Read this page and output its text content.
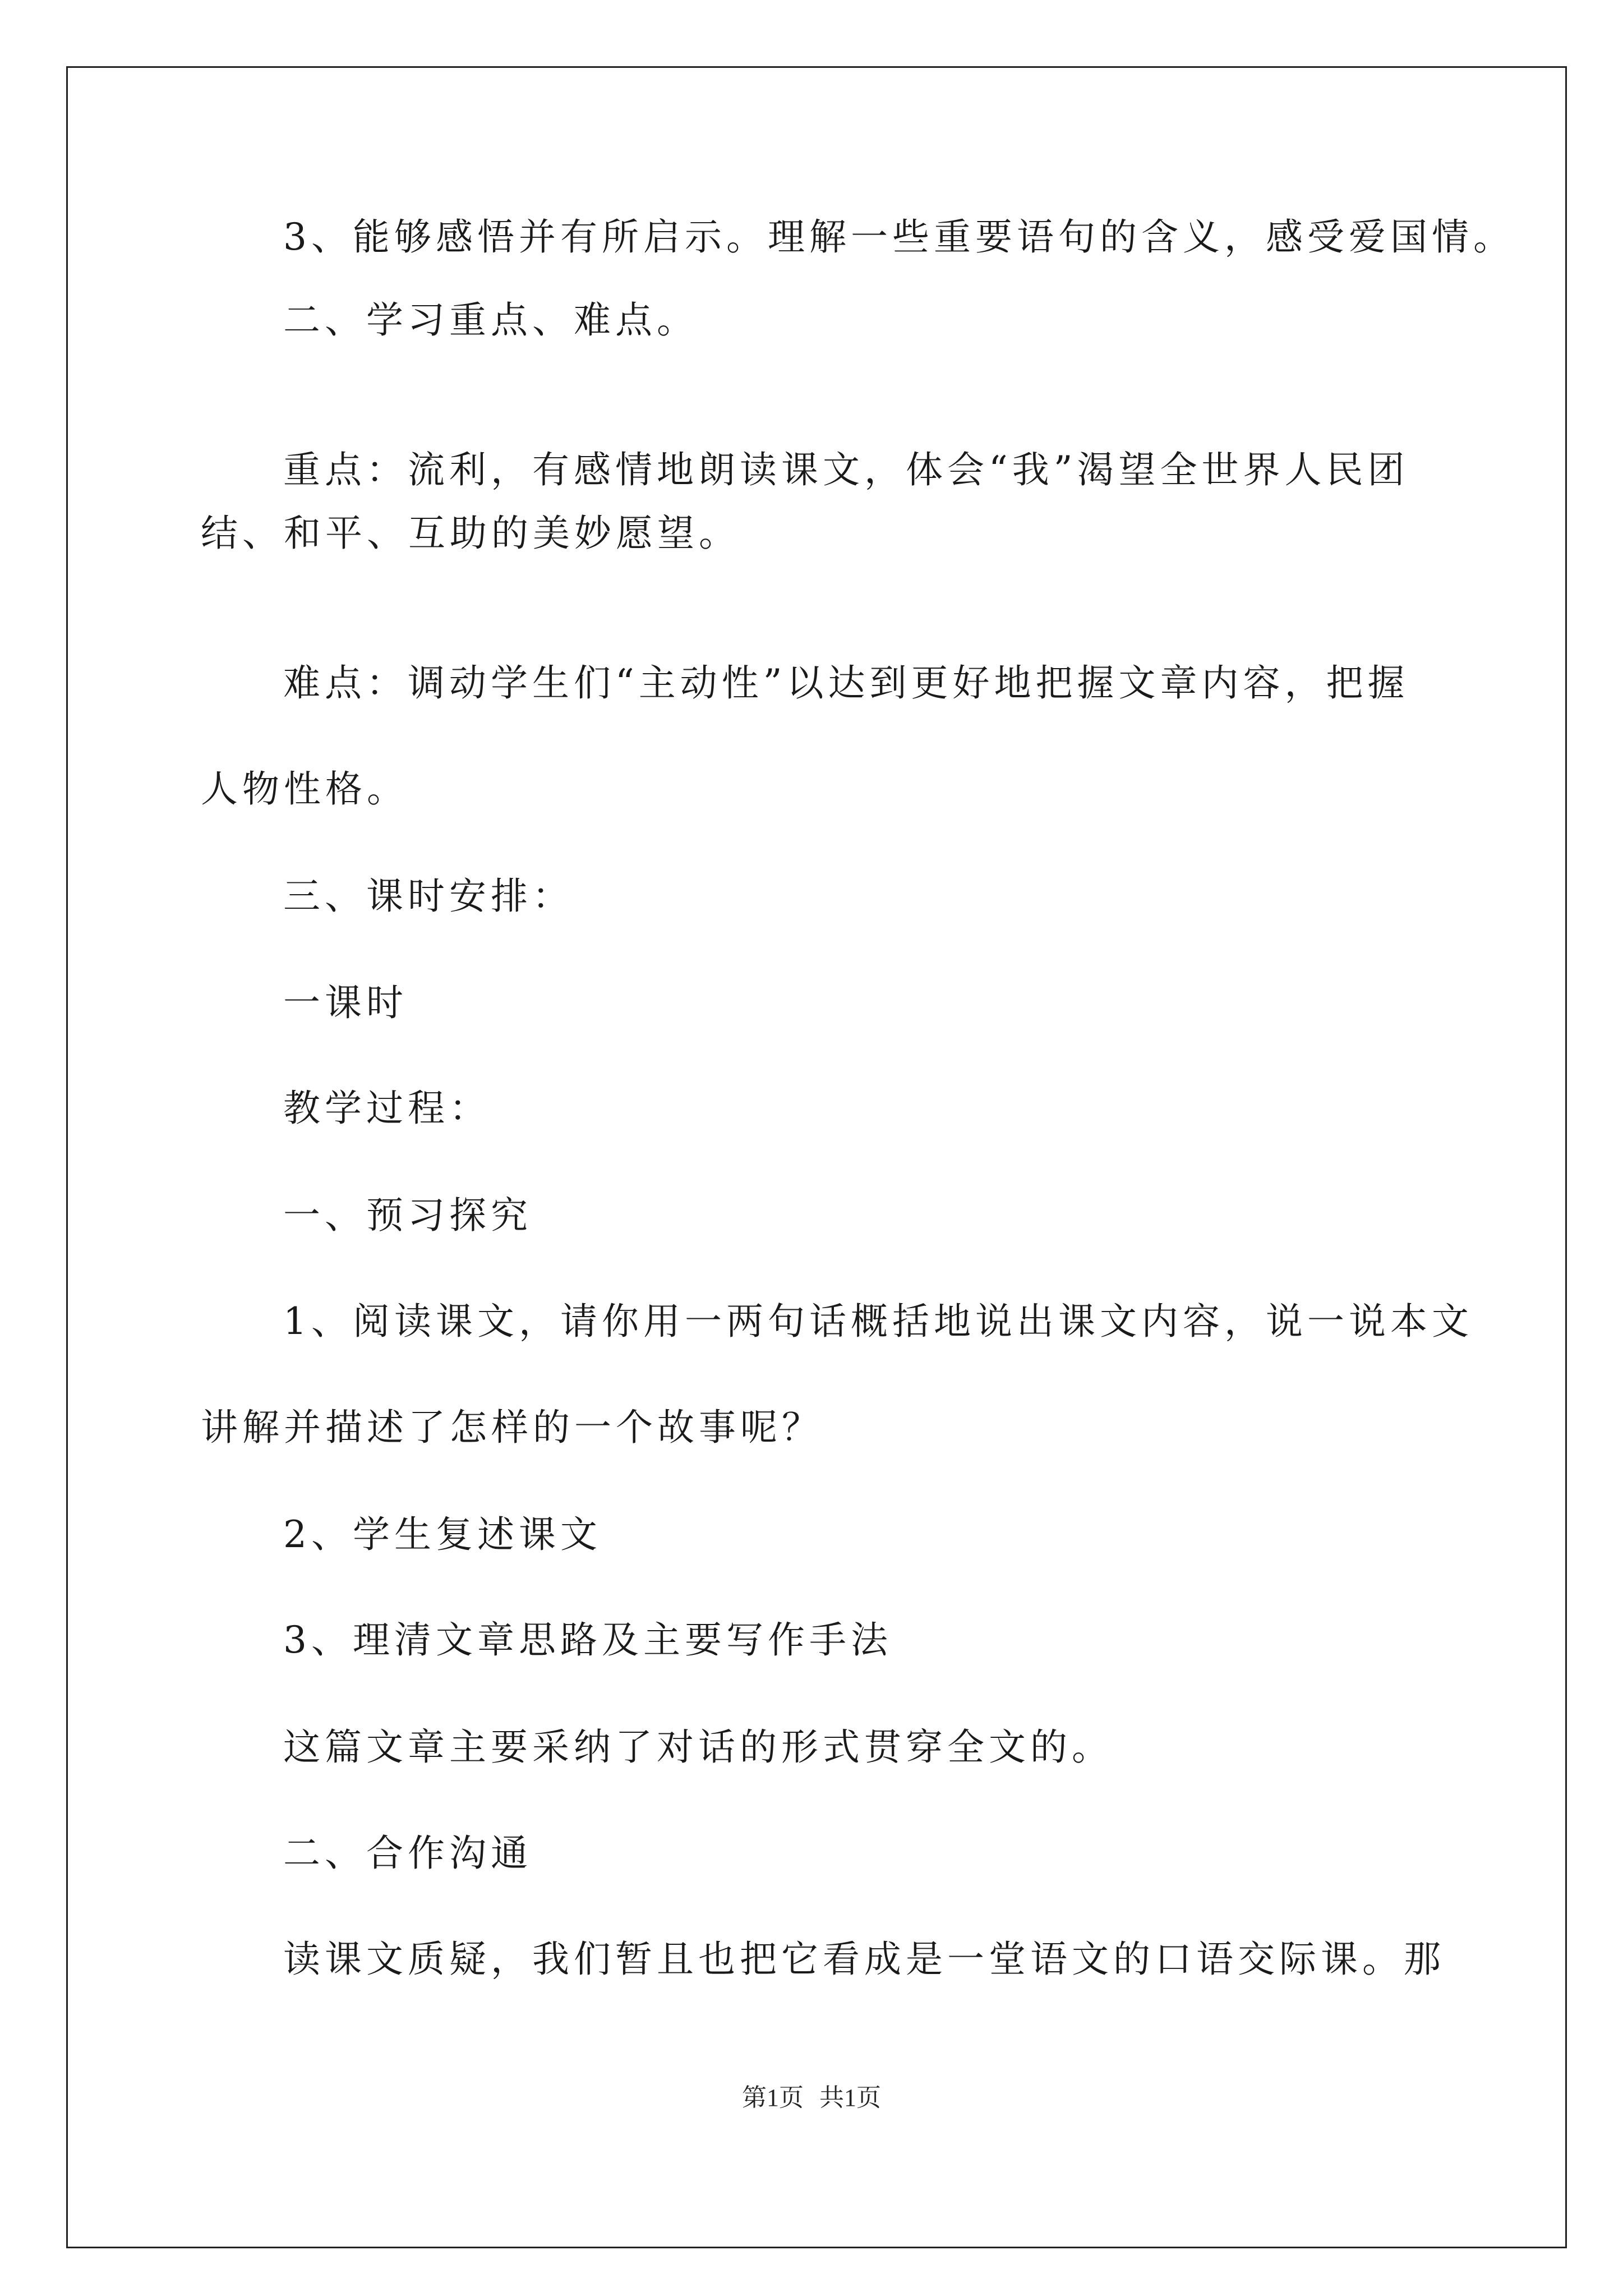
3、能够感悟并有所启示。理解一些重要语句的含义，感受爱国情。
二、学习重点、难点。
重点：流利，有感情地朗读课文，体会“我”渴望全世界人民团
结、和平、互助的美妙愿望。
难点：调动学生们“主动性”以达到更好地把握文章内容，把握
人物性格。
三、课时安排：
一课时
教学过程：
一、预习探究
1、阅读课文，请你用一两句话概括地说出课文内容，说一说本文
讲解并描述了怎样的一个故事呢？
2、学生复述课文
3、理清文章思路及主要写作手法
这篇文章主要采纳了对话的形式贯穿全文的。
二、合作沟通
读课文质疑，我们暂且也把它看成是一堂语文的口语交际课。那
第1页 共1页
